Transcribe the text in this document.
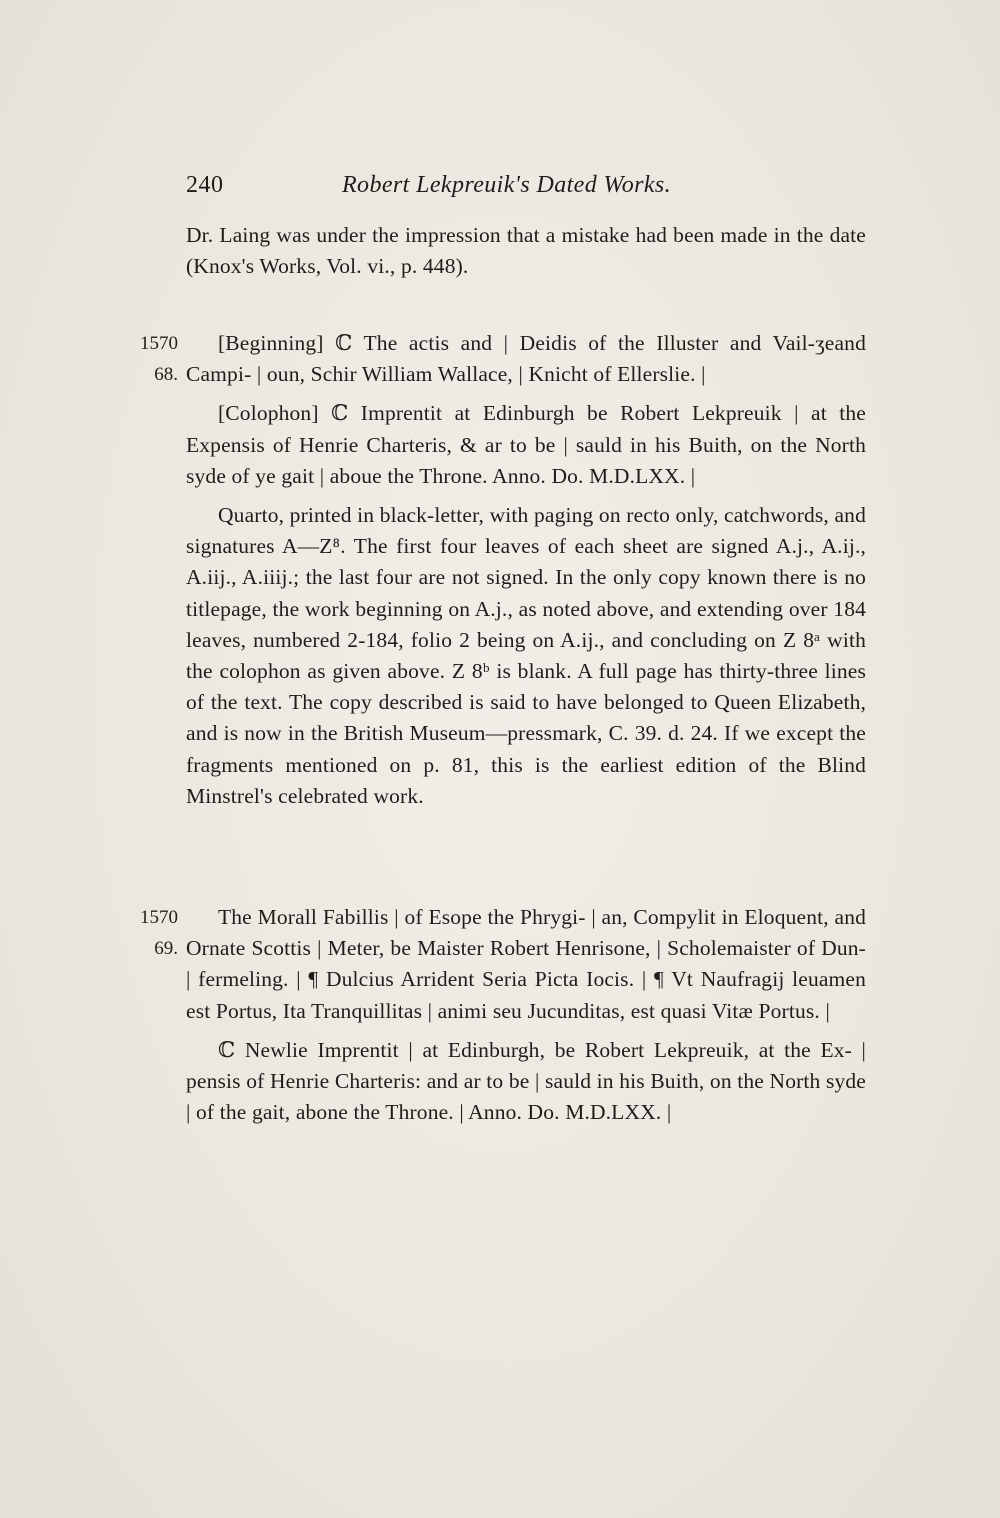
240	Robert Lekpreuik's Dated Works.

Dr. Laing was under the impression that a mistake had been made in the date (Knox's Works, Vol. vi., p. 448).

1570
68.

[Beginning] ℂ The actis and | Deidis of the Illuster and Vail-ʒeand Campi- | oun, Schir William Wallace, | Knicht of Ellerslie. |

[Colophon] ℂ Imprentit at Edinburgh be Robert Lekpreuik | at the Expensis of Henrie Charteris, & ar to be | sauld in his Buith, on the North syde of ye gait | aboue the Throne. Anno. Do. M.D.LXX. |

Quarto, printed in black-letter, with paging on recto only, catchwords, and signatures A—Z⁸. The first four leaves of each sheet are signed A.j., A.ij., A.iij., A.iiij.; the last four are not signed. In the only copy known there is no titlepage, the work beginning on A.j., as noted above, and extending over 184 leaves, numbered 2-184, folio 2 being on A.ij., and concluding on Z 8ᵃ with the colophon as given above. Z 8ᵇ is blank. A full page has thirty-three lines of the text. The copy described is said to have belonged to Queen Elizabeth, and is now in the British Museum—pressmark, C. 39. d. 24. If we except the fragments mentioned on p. 81, this is the earliest edition of the Blind Minstrel's celebrated work.

1570
69.

The Morall Fabillis | of Esope the Phrygi- | an, Compylit in Eloquent, and Ornate Scottis | Meter, be Maister Robert Henrisone, | Scholemaister of Dun- | fermeling. | ¶ Dulcius Arrident Seria Picta Iocis. | ¶ Vt Naufragij leuamen est Portus, Ita Tranquillitas | animi seu Jucunditas, est quasi Vitæ Portus. |

ℂ Newlie Imprentit | at Edinburgh, be Robert Lekpreuik, at the Ex- | pensis of Henrie Charteris: and ar to be | sauld in his Buith, on the North syde | of the gait, abone the Throne. | Anno. Do. M.D.LXX. |
